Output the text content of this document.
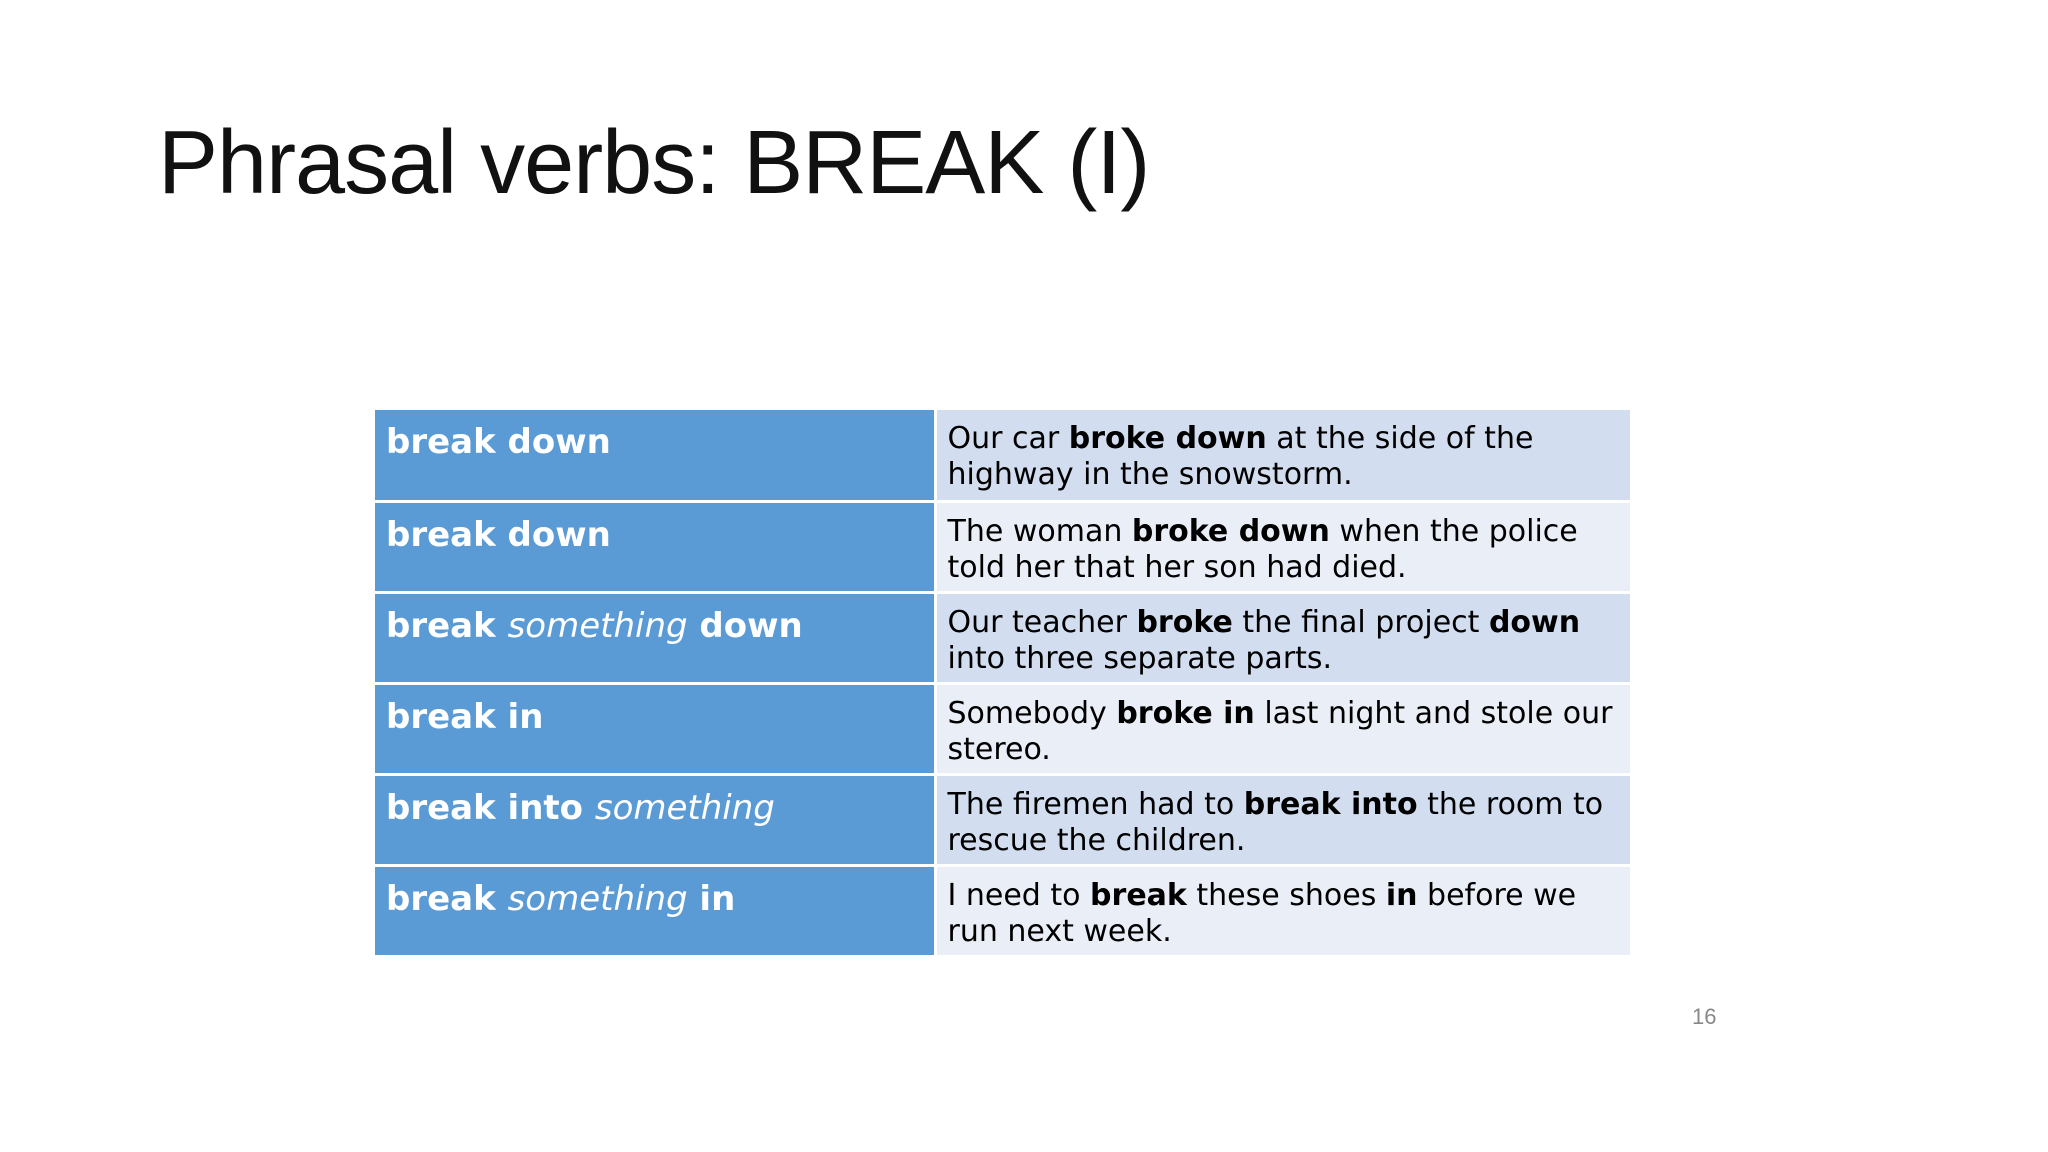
Phrasal verbs: BREAK (I)
break down	Our car broke down at the side of the highway in the snowstorm.
break down	The woman broke down when the police told her that her son had died.
break something down	Our teacher broke the final project down into three separate parts.
break in	Somebody broke in last night and stole our stereo.
break into something	The firemen had to break into the room to rescue the children.
break something in	I need to break these shoes in before we run next week.
16
